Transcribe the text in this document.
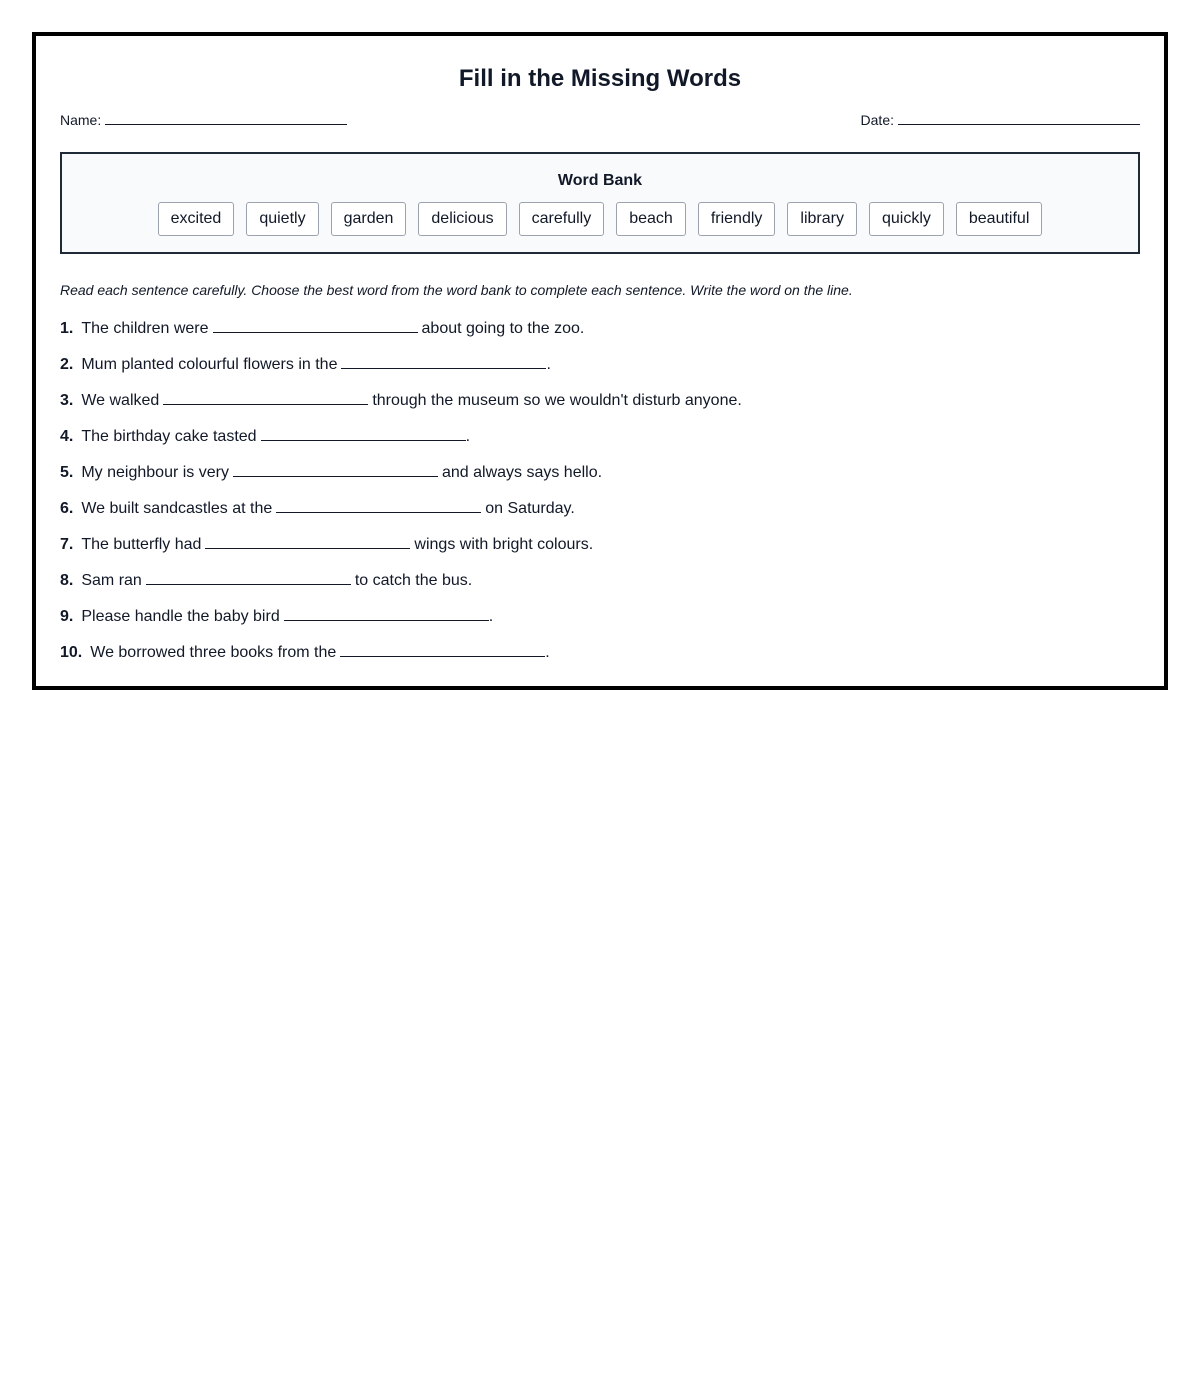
Fill in the Missing Words
Name:	Date:
Word Bank
excited	quietly	garden	delicious	carefully	beach	friendly	library	quickly	beautiful
Read each sentence carefully. Choose the best word from the word bank to complete each sentence. Write the word on the line.
1. The children were	about going to the zoo.
2. Mum planted colourful flowers in the	.
3. We walked	through the museum so we wouldn't disturb anyone.
4. The birthday cake tasted	.
5. My neighbour is very	and always says hello.
6. We built sandcastles at the	on Saturday.
7. The butterfly had	wings with bright colours.
8. Sam ran	to catch the bus.
9. Please handle the baby bird	.
10. We borrowed three books from the	.
